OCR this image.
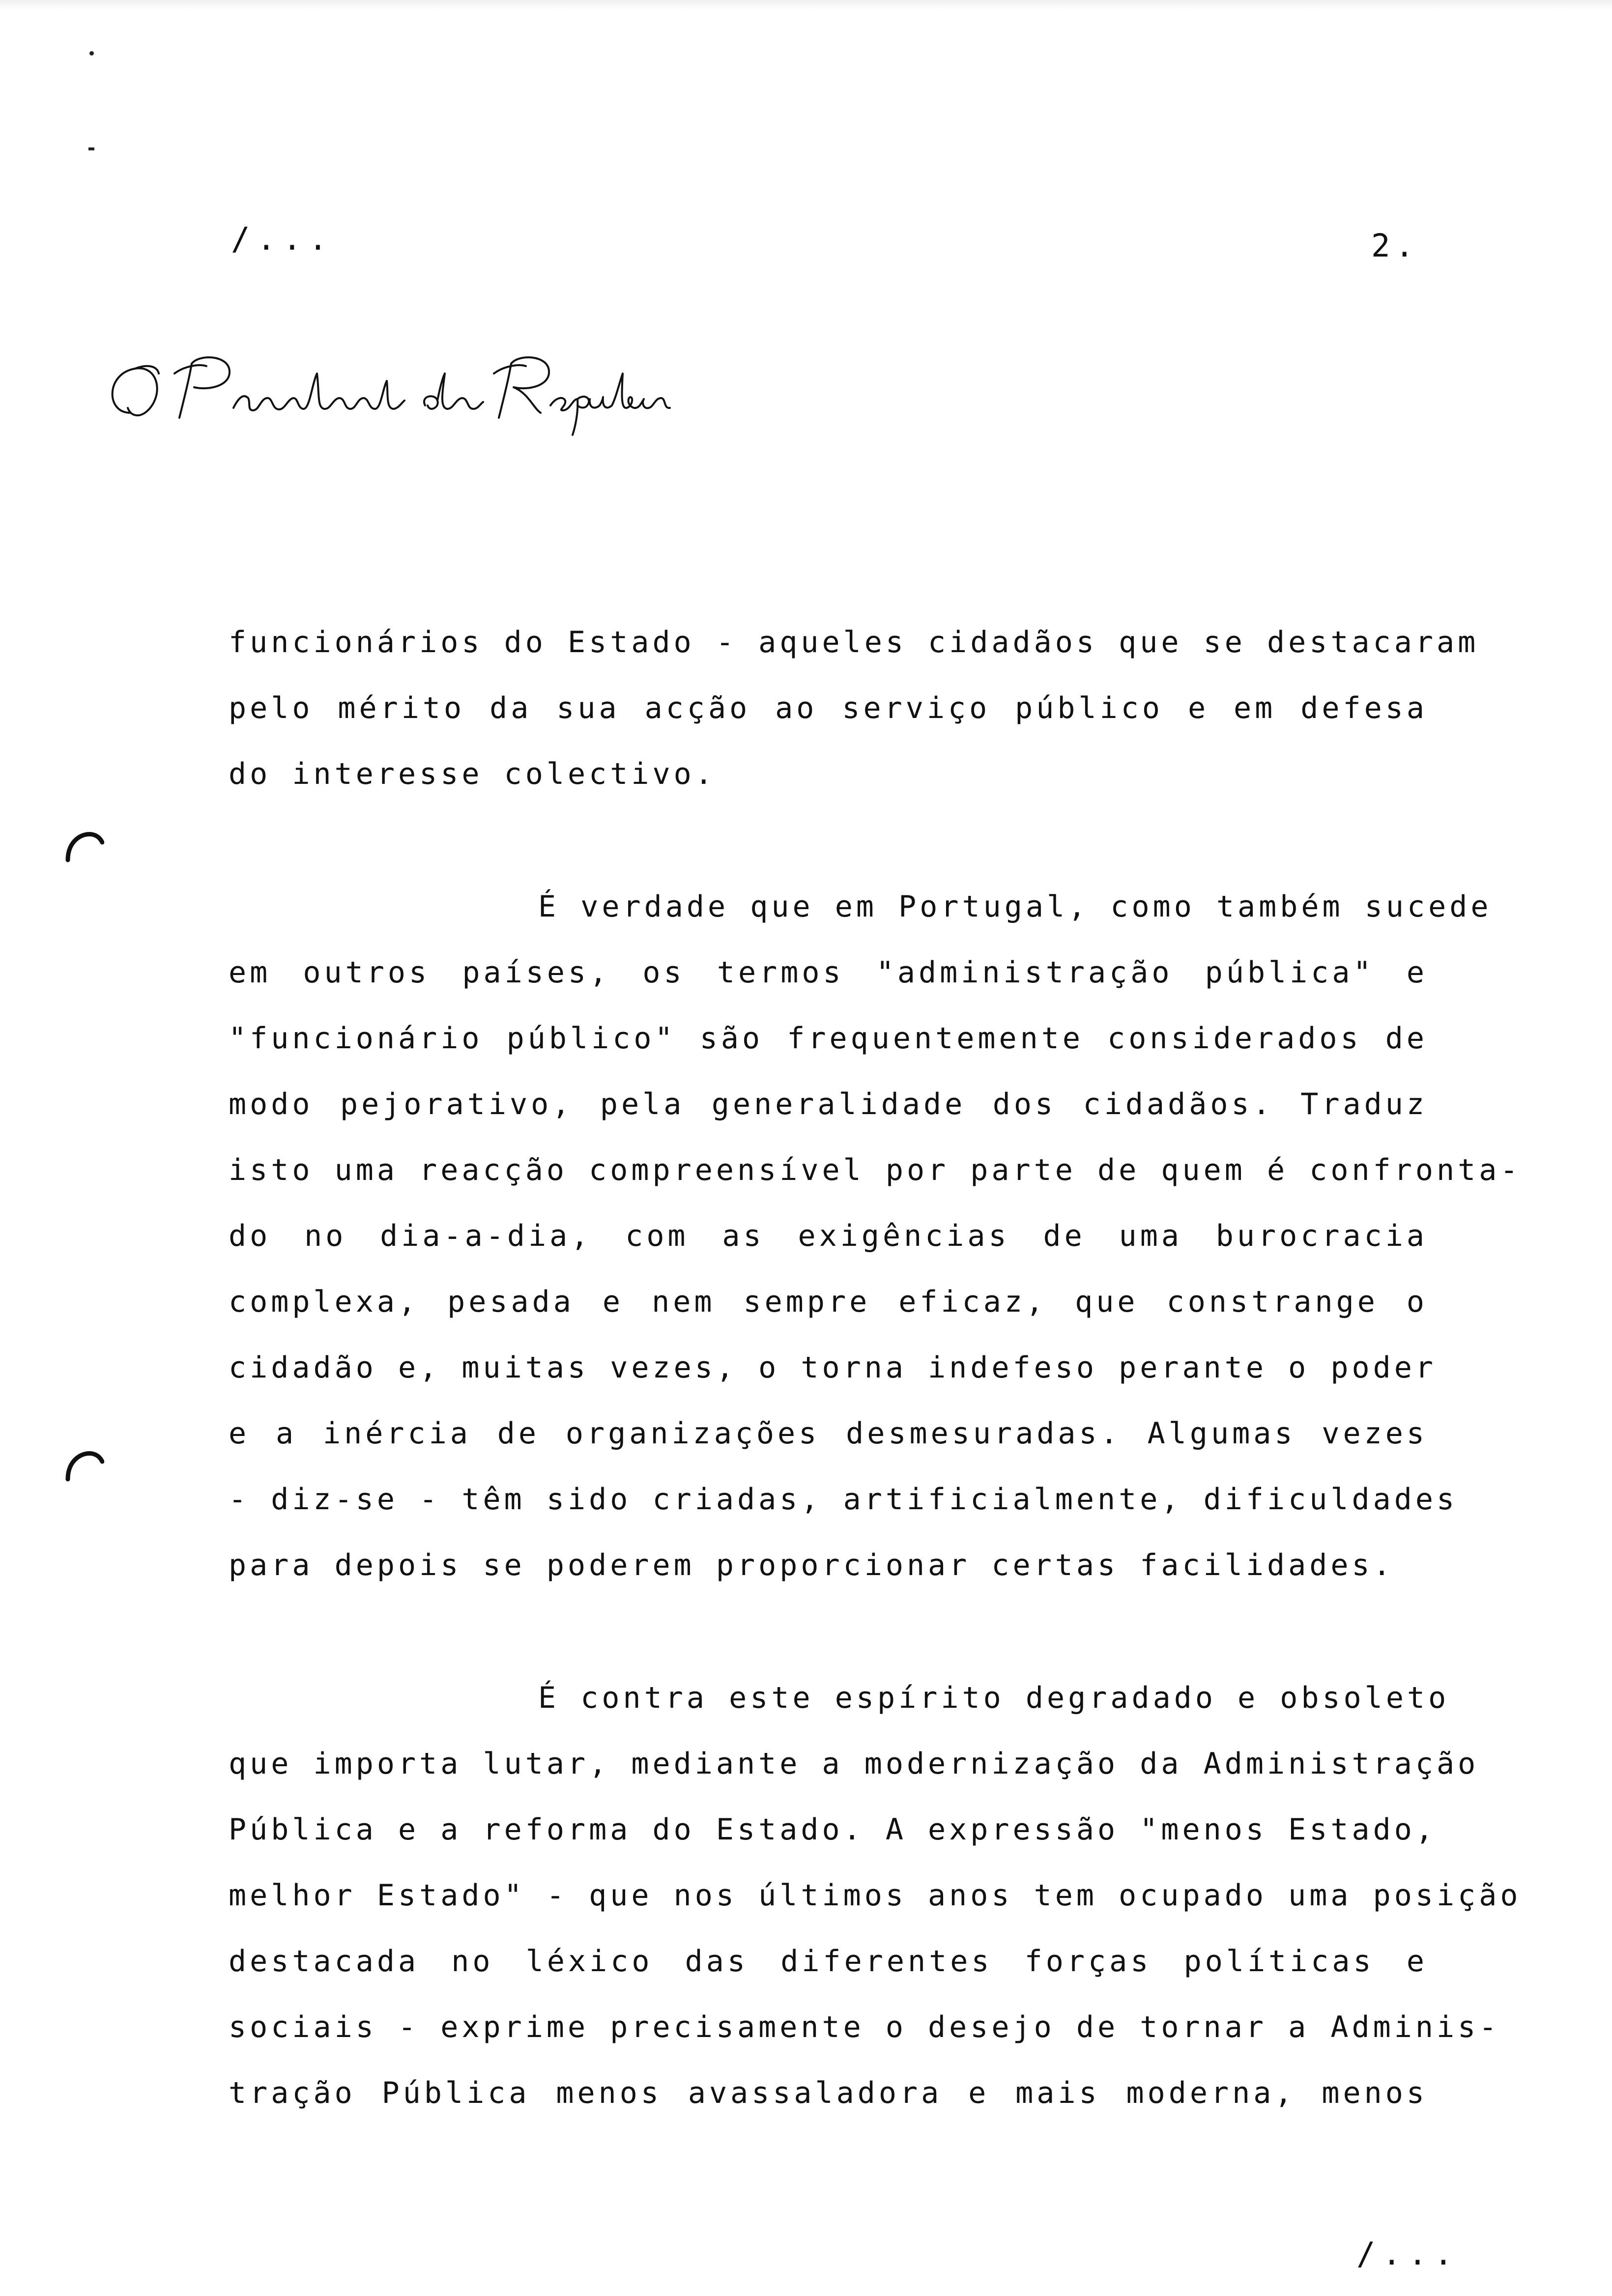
/...	2.
funcionários do Estado - aqueles cidadãos que se destacaram
pelo mérito da sua acção ao serviço público e em defesa
do interesse colectivo.
É verdade que em Portugal, como também sucede
em outros países, os termos "administração pública" e
"funcionário público" são frequentemente considerados de
modo pejorativo, pela generalidade dos cidadãos. Traduz
isto uma reacção compreensível por parte de quem é confronta-
do no dia-a-dia, com as exigências de uma burocracia
complexa, pesada e nem sempre eficaz, que constrange o
cidadão e, muitas vezes, o torna indefeso perante o poder
e a inércia de organizações desmesuradas. Algumas vezes
- diz-se - têm sido criadas, artificialmente, dificuldades
para depois se poderem proporcionar certas facilidades.
É contra este espírito degradado e obsoleto
que importa lutar, mediante a modernização da Administração
Pública e a reforma do Estado. A expressão "menos Estado,
melhor Estado" - que nos últimos anos tem ocupado uma posição
destacada no léxico das diferentes forças políticas e
sociais - exprime precisamente o desejo de tornar a Adminis-
tração Pública menos avassaladora e mais moderna, menos
/...
